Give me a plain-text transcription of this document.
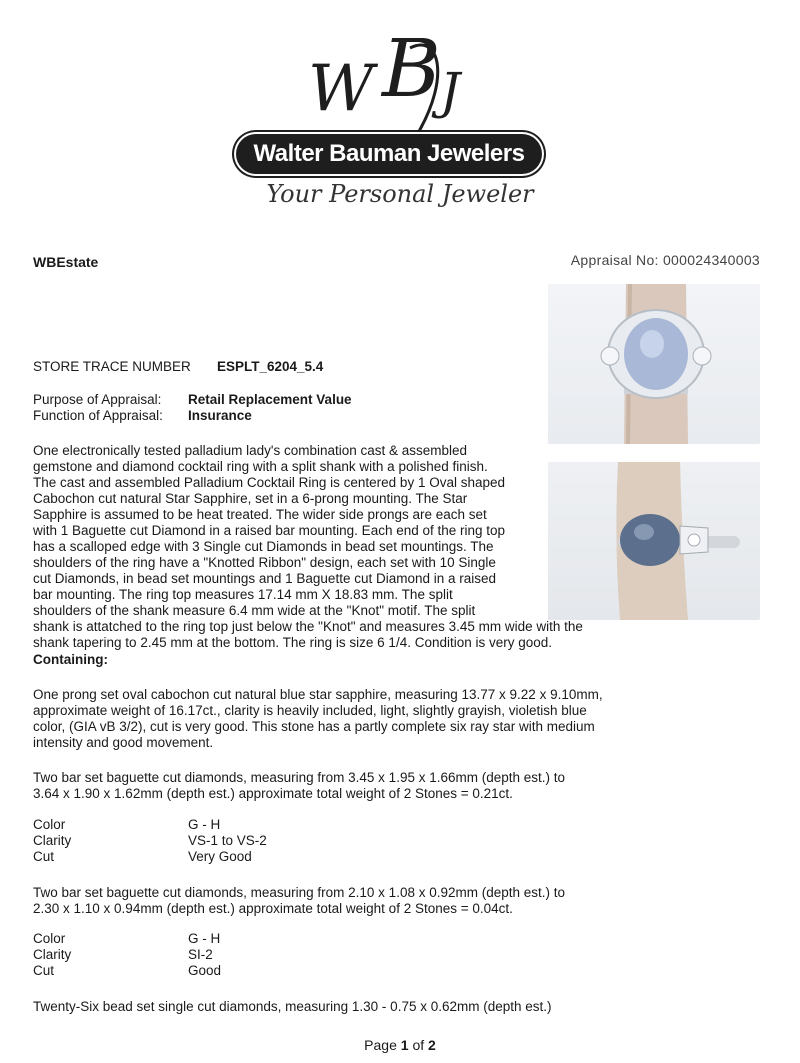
W B J
Walter Bauman Jewelers
Your Personal Jeweler
WBEstate	Appraisal No: 000024340003
STORE TRACE NUMBER ESPLT_6204_5.4
Purpose of Appraisal: Retail Replacement Value
Function of Appraisal: Insurance
One electronically tested palladium lady's combination cast & assembled
gemstone and diamond cocktail ring with a split shank with a polished finish.
The cast and assembled Palladium Cocktail Ring is centered by 1 Oval shaped
Cabochon cut natural Star Sapphire, set in a 6-prong mounting. The Star
Sapphire is assumed to be heat treated. The wider side prongs are each set
with 1 Baguette cut Diamond in a raised bar mounting. Each end of the ring top
has a scalloped edge with 3 Single cut Diamonds in bead set mountings. The
shoulders of the ring have a "Knotted Ribbon" design, each set with 10 Single
cut Diamonds, in bead set mountings and 1 Baguette cut Diamond in a raised
bar mounting. The ring top measures 17.14 mm X 18.83 mm. The split
shoulders of the shank measure 6.4 mm wide at the "Knot" motif. The split
shank is attatched to the ring top just below the "Knot" and measures 3.45 mm wide with the
shank tapering to 2.45 mm at the bottom. The ring is size 6 1/4. Condition is very good.
Containing:
One prong set oval cabochon cut natural blue star sapphire, measuring 13.77 x 9.22 x 9.10mm,
approximate weight of 16.17ct., clarity is heavily included, light, slightly grayish, violetish blue
color, (GIA vB 3/2), cut is very good. This stone has a partly complete six ray star with medium
intensity and good movement.
Two bar set baguette cut diamonds, measuring from 3.45 x 1.95 x 1.66mm (depth est.) to
3.64 x 1.90 x 1.62mm (depth est.) approximate total weight of 2 Stones = 0.21ct.
Color	G - H
Clarity	VS-1 to VS-2
Cut	Very Good
Two bar set baguette cut diamonds, measuring from 2.10 x 1.08 x 0.92mm (depth est.) to
2.30 x 1.10 x 0.94mm (depth est.) approximate total weight of 2 Stones = 0.04ct.
Color	G - H
Clarity	SI-2
Cut	Good
Twenty-Six bead set single cut diamonds, measuring 1.30 - 0.75 x 0.62mm (depth est.)
Page 1 of 2
